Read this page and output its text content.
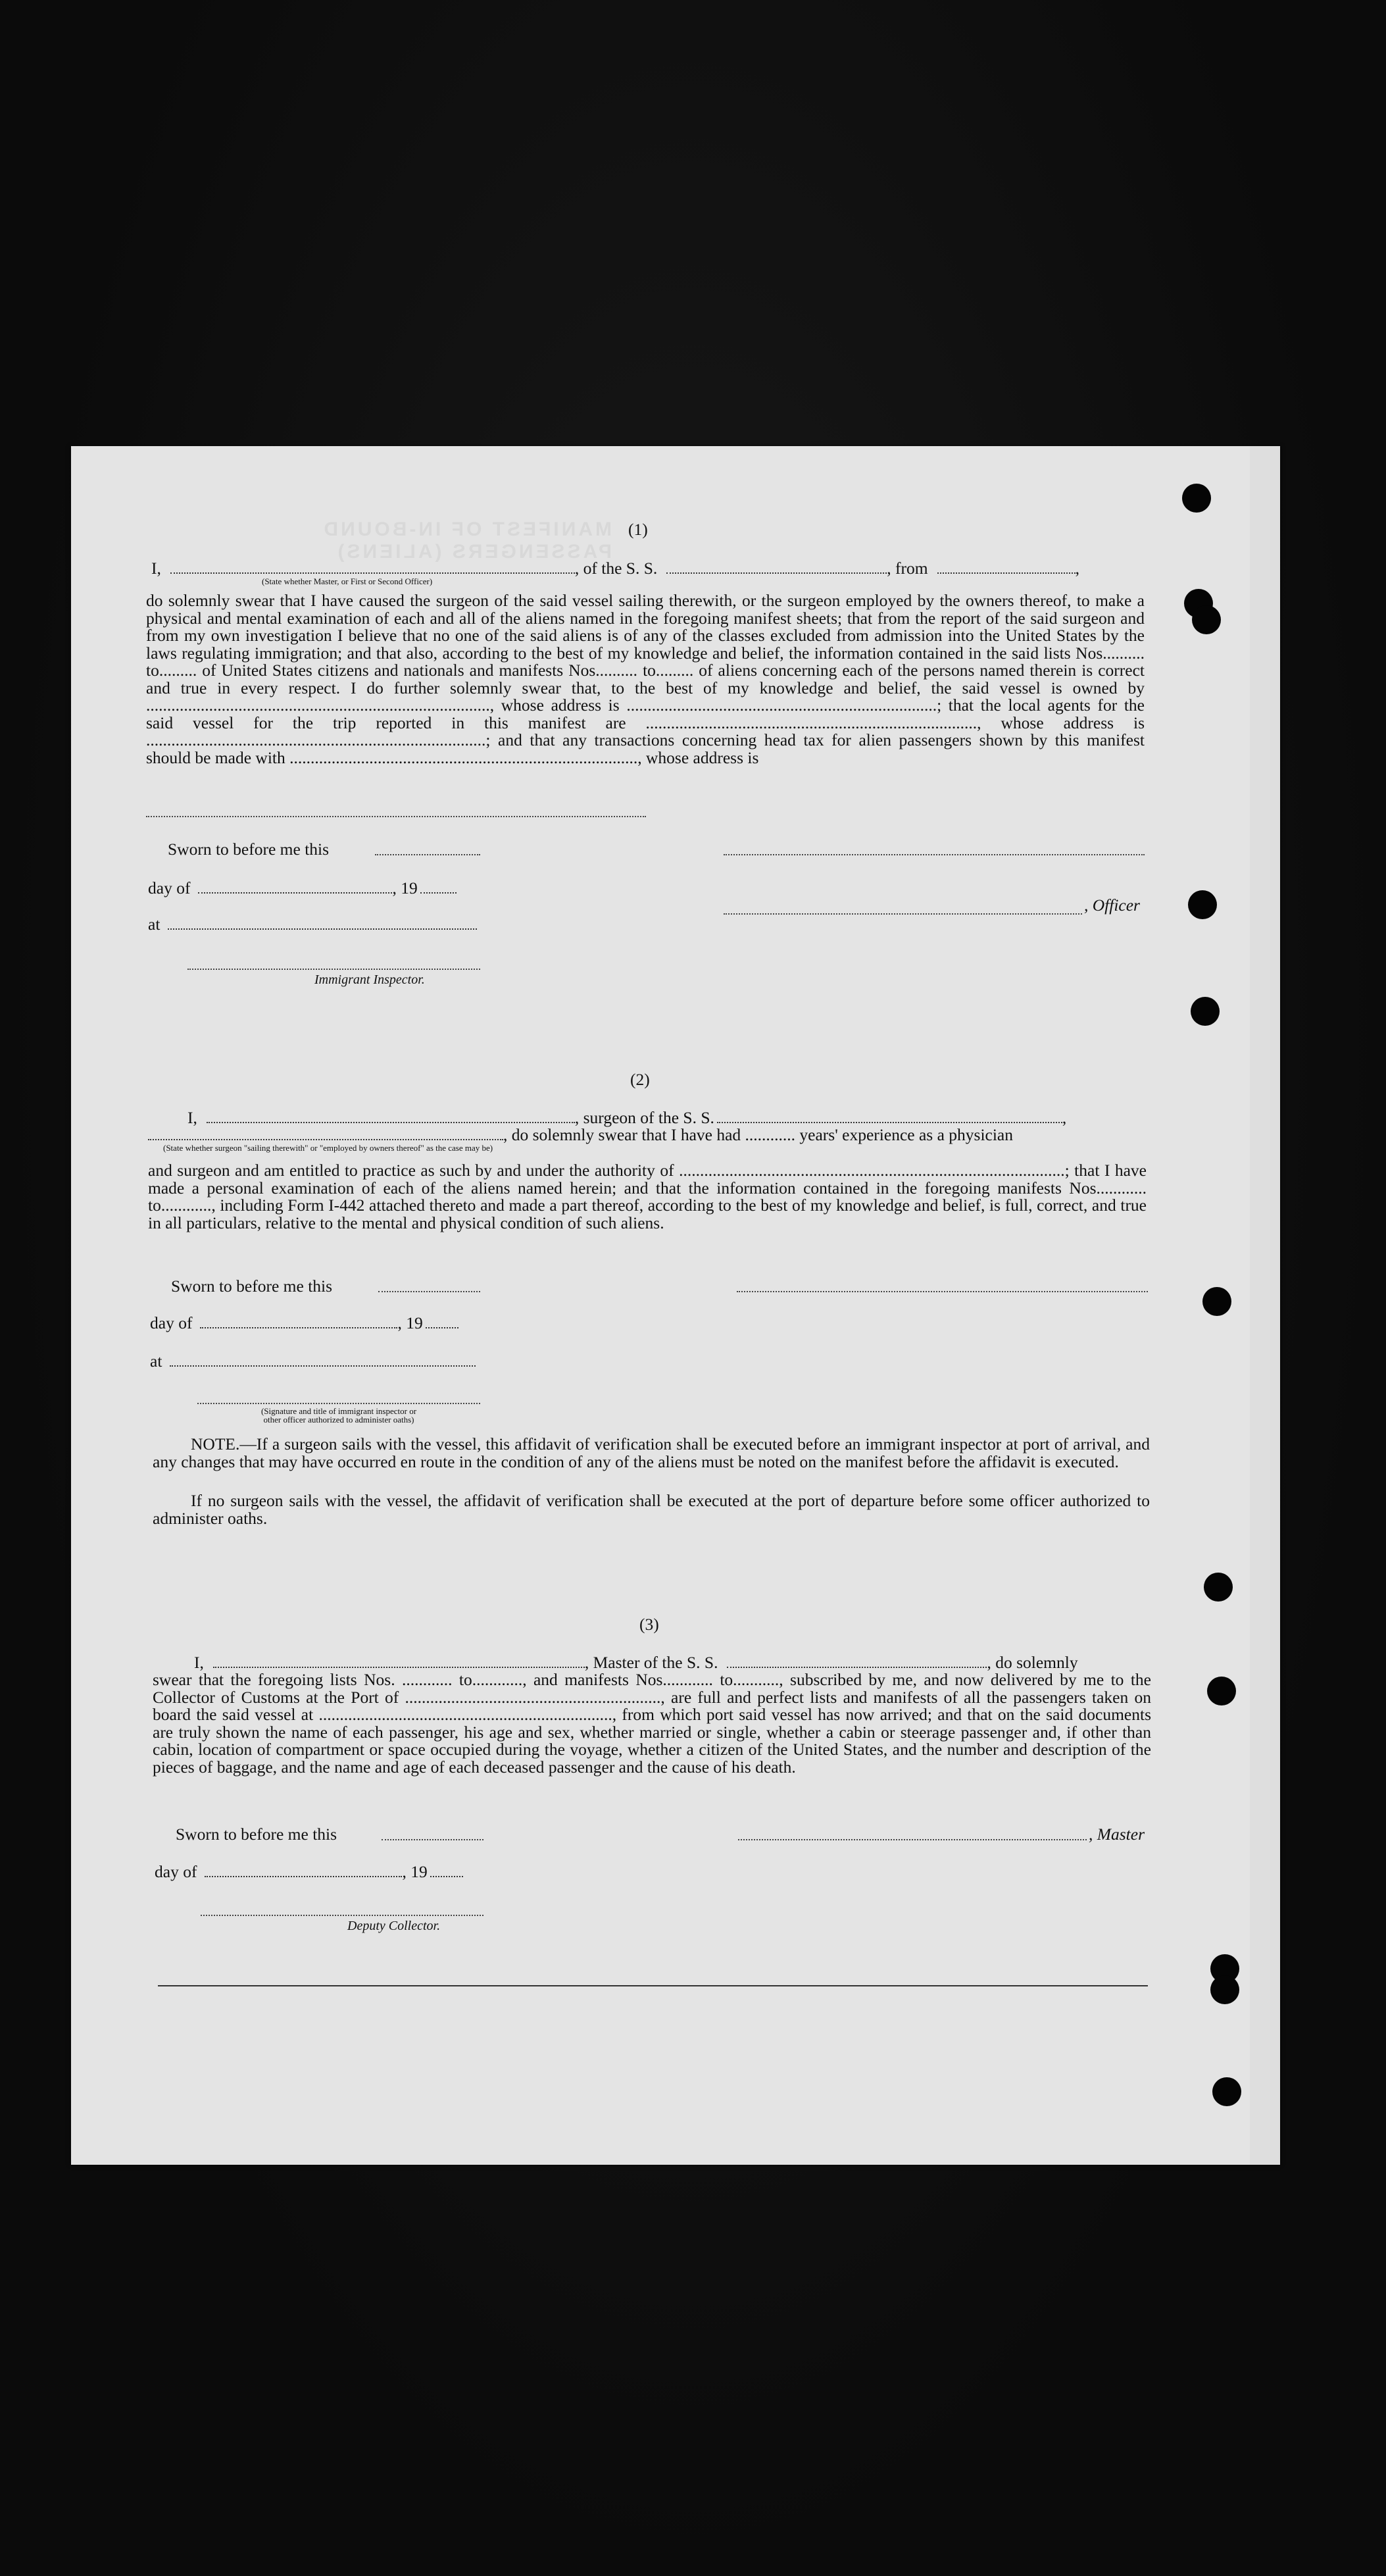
MANIFEST OF IN-BOUND PASSENGERS (ALIENS)
(1)
I,	, of the S. S.	, from	,
(State whether Master, or First or Second Officer)
do solemnly swear that I have caused the surgeon of the said vessel sailing therewith, or the surgeon employed by the owners thereof, to make a physical and mental examination of each and all of the aliens named in the foregoing manifest sheets; that from the report of the said surgeon and from my own investigation I believe that no one of the said aliens is of any of the classes excluded from admission into the United States by the laws regulating immigration; and that also, according to the best of my knowledge and belief, the information contained in the said lists Nos.......... to......... of United States citizens and nationals and manifests Nos.......... to......... of aliens concerning each of the persons named therein is correct and true in every respect. I do further solemnly swear that, to the best of my knowledge and belief, the said vessel is owned by .................................................................................., whose address is ..........................................................................; that the local agents for the said vessel for the trip reported in this manifest are ..............................................................................., whose address is .................................................................................; and that any transactions concerning head tax for alien passengers shown by this manifest should be made with ..................................................................................., whose address is
Sworn to before me this
day of	, 19
, Officer
at
Immigrant Inspector.
(2)
I,	, surgeon of the S. S.	,
, do solemnly swear that I have had ............ years' experience as a physician
(State whether surgeon "sailing therewith" or "employed by owners thereof" as the case may be)
and surgeon and am entitled to practice as such by and under the authority of ............................................................................................; that I have made a personal examination of each of the aliens named herein; and that the information contained in the foregoing manifests Nos............ to............, including Form I-442 attached thereto and made a part thereof, according to the best of my knowledge and belief, is full, correct, and true in all particulars, relative to the mental and physical condition of such aliens.
Sworn to before me this
day of	, 19
at
(Signature and title of immigrant inspector or
other officer authorized to administer oaths)
NOTE.—If a surgeon sails with the vessel, this affidavit of verification shall be executed before an immigrant inspector at port of arrival, and any changes that may have occurred en route in the condition of any of the aliens must be noted on the manifest before the affidavit is executed.
If no surgeon sails with the vessel, the affidavit of verification shall be executed at the port of departure before some officer authorized to administer oaths.
(3)
I,	, Master of the S. S.	, do solemnly
swear that the foregoing lists Nos. ............ to............, and manifests Nos............ to..........., subscribed by me, and now delivered by me to the Collector of Customs at the Port of ............................................................., are full and perfect lists and manifests of all the passengers taken on board the said vessel at ......................................................................, from which port said vessel has now arrived; and that on the said documents are truly shown the name of each passenger, his age and sex, whether married or single, whether a cabin or steerage passenger and, if other than cabin, location of compartment or space occupied during the voyage, whether a citizen of the United States, and the number and description of the pieces of baggage, and the name and age of each deceased passenger and the cause of his death.
Sworn to before me this	, Master
day of	, 19
Deputy Collector.
